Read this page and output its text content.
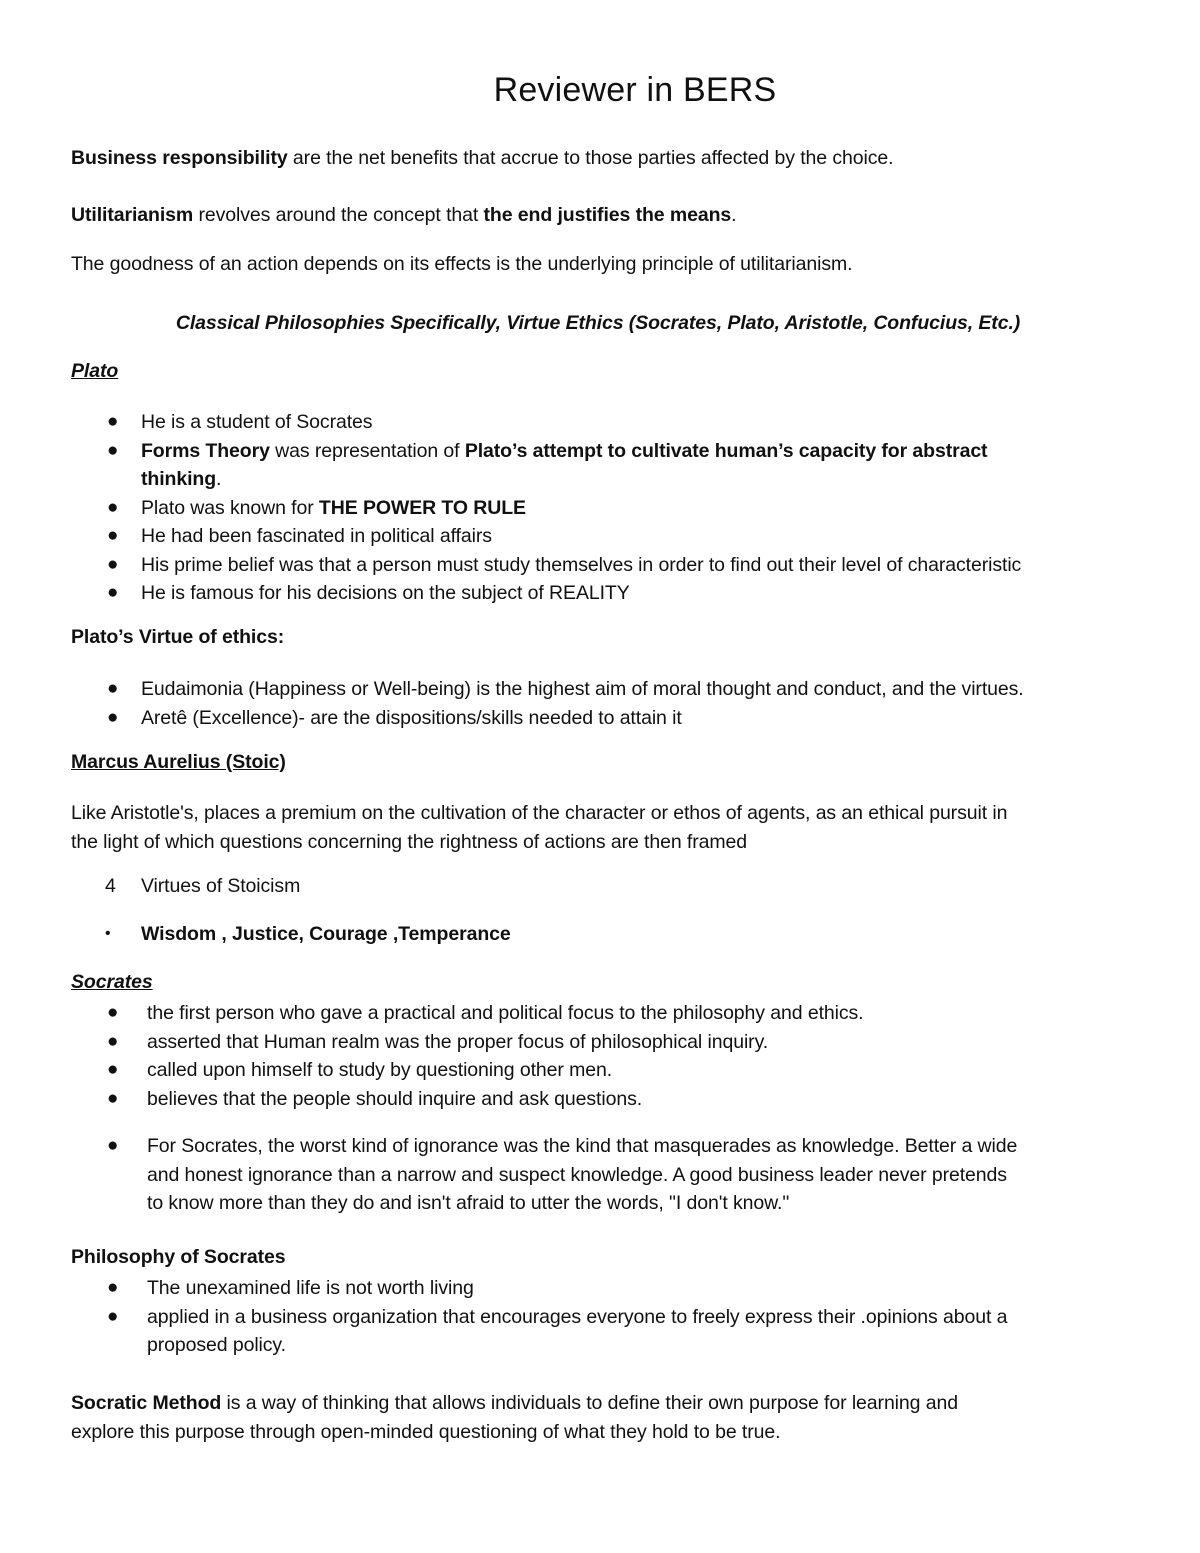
Reviewer in BERS

Business responsibility are the net benefits that accrue to those parties affected by the choice.

Utilitarianism revolves around the concept that the end justifies the means.

The goodness of an action depends on its effects is the underlying principle of utilitarianism.

Classical Philosophies Specifically, Virtue Ethics (Socrates, Plato, Aristotle, Confucius, Etc.)

Plato

● He is a student of Socrates
● Forms Theory was representation of Plato’s attempt to cultivate human’s capacity for abstract
thinking.
● Plato was known for THE POWER TO RULE
● He had been fascinated in political affairs
● His prime belief was that a person must study themselves in order to find out their level of characteristic
● He is famous for his decisions on the subject of REALITY

Plato’s Virtue of ethics:

● Eudaimonia (Happiness or Well-being) is the highest aim of moral thought and conduct, and the virtues.
● Aretê (Excellence)- are the dispositions/skills needed to attain it

Marcus Aurelius (Stoic)

Like Aristotle's, places a premium on the cultivation of the character or ethos of agents, as an ethical pursuit in
the light of which questions concerning the rightness of actions are then framed

4 Virtues of Stoicism

• Wisdom , Justice, Courage ,Temperance

Socrates

● the first person who gave a practical and political focus to the philosophy and ethics.
● asserted that Human realm was the proper focus of philosophical inquiry.
● called upon himself to study by questioning other men.
● believes that the people should inquire and ask questions.
● For Socrates, the worst kind of ignorance was the kind that masquerades as knowledge. Better a wide
and honest ignorance than a narrow and suspect knowledge. A good business leader never pretends
to know more than they do and isn't afraid to utter the words, "I don't know."

Philosophy of Socrates

● The unexamined life is not worth living
● applied in a business organization that encourages everyone to freely express their .opinions about a
proposed policy.

Socratic Method is a way of thinking that allows individuals to define their own purpose for learning and
explore this purpose through open-minded questioning of what they hold to be true.
